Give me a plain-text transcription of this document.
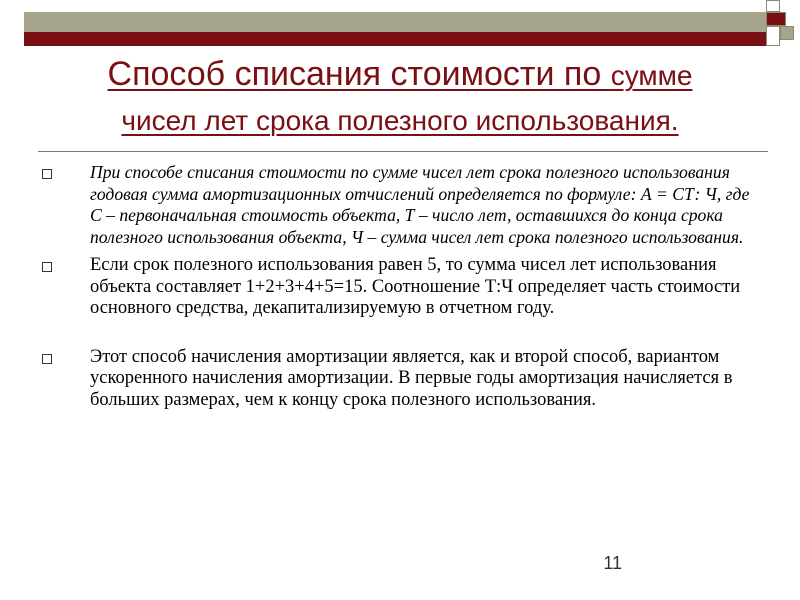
Способ списания стоимости по сумме
чисел лет срока полезного использования.
При способе списания стоимости по сумме чисел лет срока полезного использования годовая сумма амортизационных отчислений определяется по формуле: А = СТ: Ч, где С – первоначальная стоимость объекта, Т – число лет, оставшихся до конца срока полезного использования объекта, Ч – сумма чисел лет срока полезного использования.
Если срок полезного использования равен 5, то сумма чисел лет использования объекта составляет 1+2+3+4+5=15. Соотношение Т:Ч определяет часть стоимости основного средства, декапитализируемую в отчетном году.
Этот способ начисления амортизации является, как и второй способ, вариантом ускоренного начисления амортизации. В первые годы амортизация начисляется в больших размерах, чем к концу срока полезного использования.
11
